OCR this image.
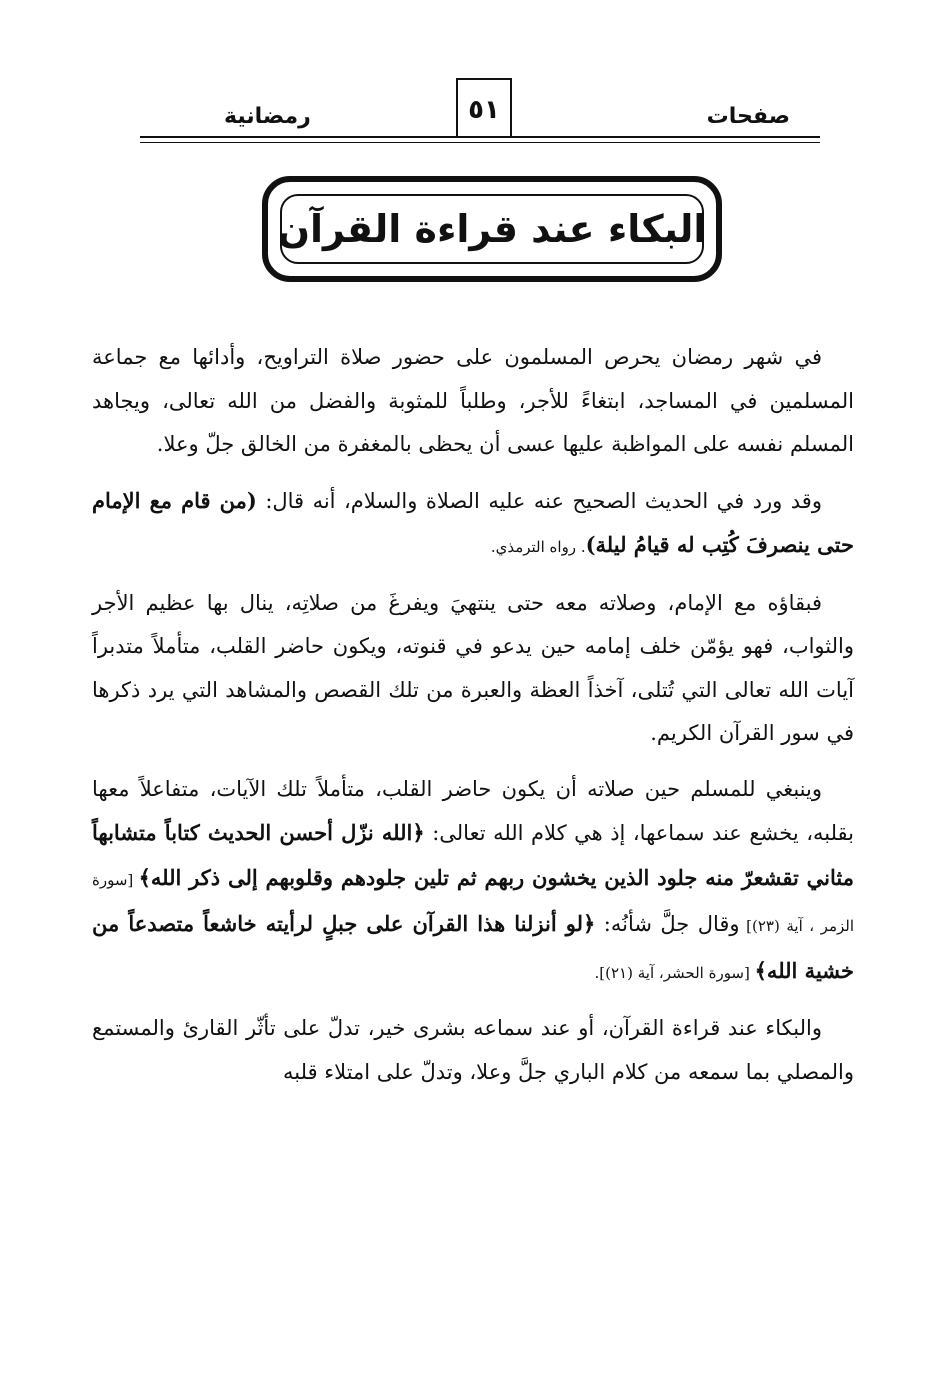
رمضانية	٥١	صفحات
البكاء عند قراءة القرآن

في شهر رمضان يحرص المسلمون على حضور صلاة التراويح، وأدائها مع جماعة المسلمين في المساجد، ابتغاءً للأجر، وطلباً للمثوبة والفضل من الله تعالى، ويجاهد المسلم نفسه على المواظبة عليها عسى أن يحظى بالمغفرة من الخالق جلّ وعلا.

وقد ورد في الحديث الصحيح عنه عليه الصلاة والسلام، أنه قال: (من قام مع الإمام حتى ينصرفَ كُتِب له قيامُ ليلة). رواه الترمذي.

فبقاؤه مع الإمام، وصلاته معه حتى ينتهيَ ويفرغَ من صلاتِه، ينال بها عظيم الأجر والثواب، فهو يؤمّن خلف إمامه حين يدعو في قنوته، ويكون حاضر القلب، متأملاً متدبراً آيات الله تعالى التي تُتلى، آخذاً العظة والعبرة من تلك القصص والمشاهد التي يرد ذكرها في سور القرآن الكريم.

وينبغي للمسلم حين صلاته أن يكون حاضر القلب، متأملاً تلك الآيات، متفاعلاً معها بقلبه، يخشع عند سماعها، إذ هي كلام الله تعالى: ﴿الله نزّل أحسن الحديث كتاباً متشابهاً مثاني تقشعرّ منه جلود الذين يخشون ربهم ثم تلين جلودهم وقلوبهم إلى ذكر الله﴾ [سورة الزمر ، آية (٢٣)] وقال جلَّ شأنُه: ﴿لو أنزلنا هذا القرآن على جبلٍ لرأيته خاشعاً متصدعاً من خشية الله﴾ [سورة الحشر، آية (٢١)].

والبكاء عند قراءة القرآن، أو عند سماعه بشرى خير، تدلّ على تأثّر القارئ والمستمع والمصلي بما سمعه من كلام الباري جلَّ وعلا، وتدلّ على امتلاء قلبه
